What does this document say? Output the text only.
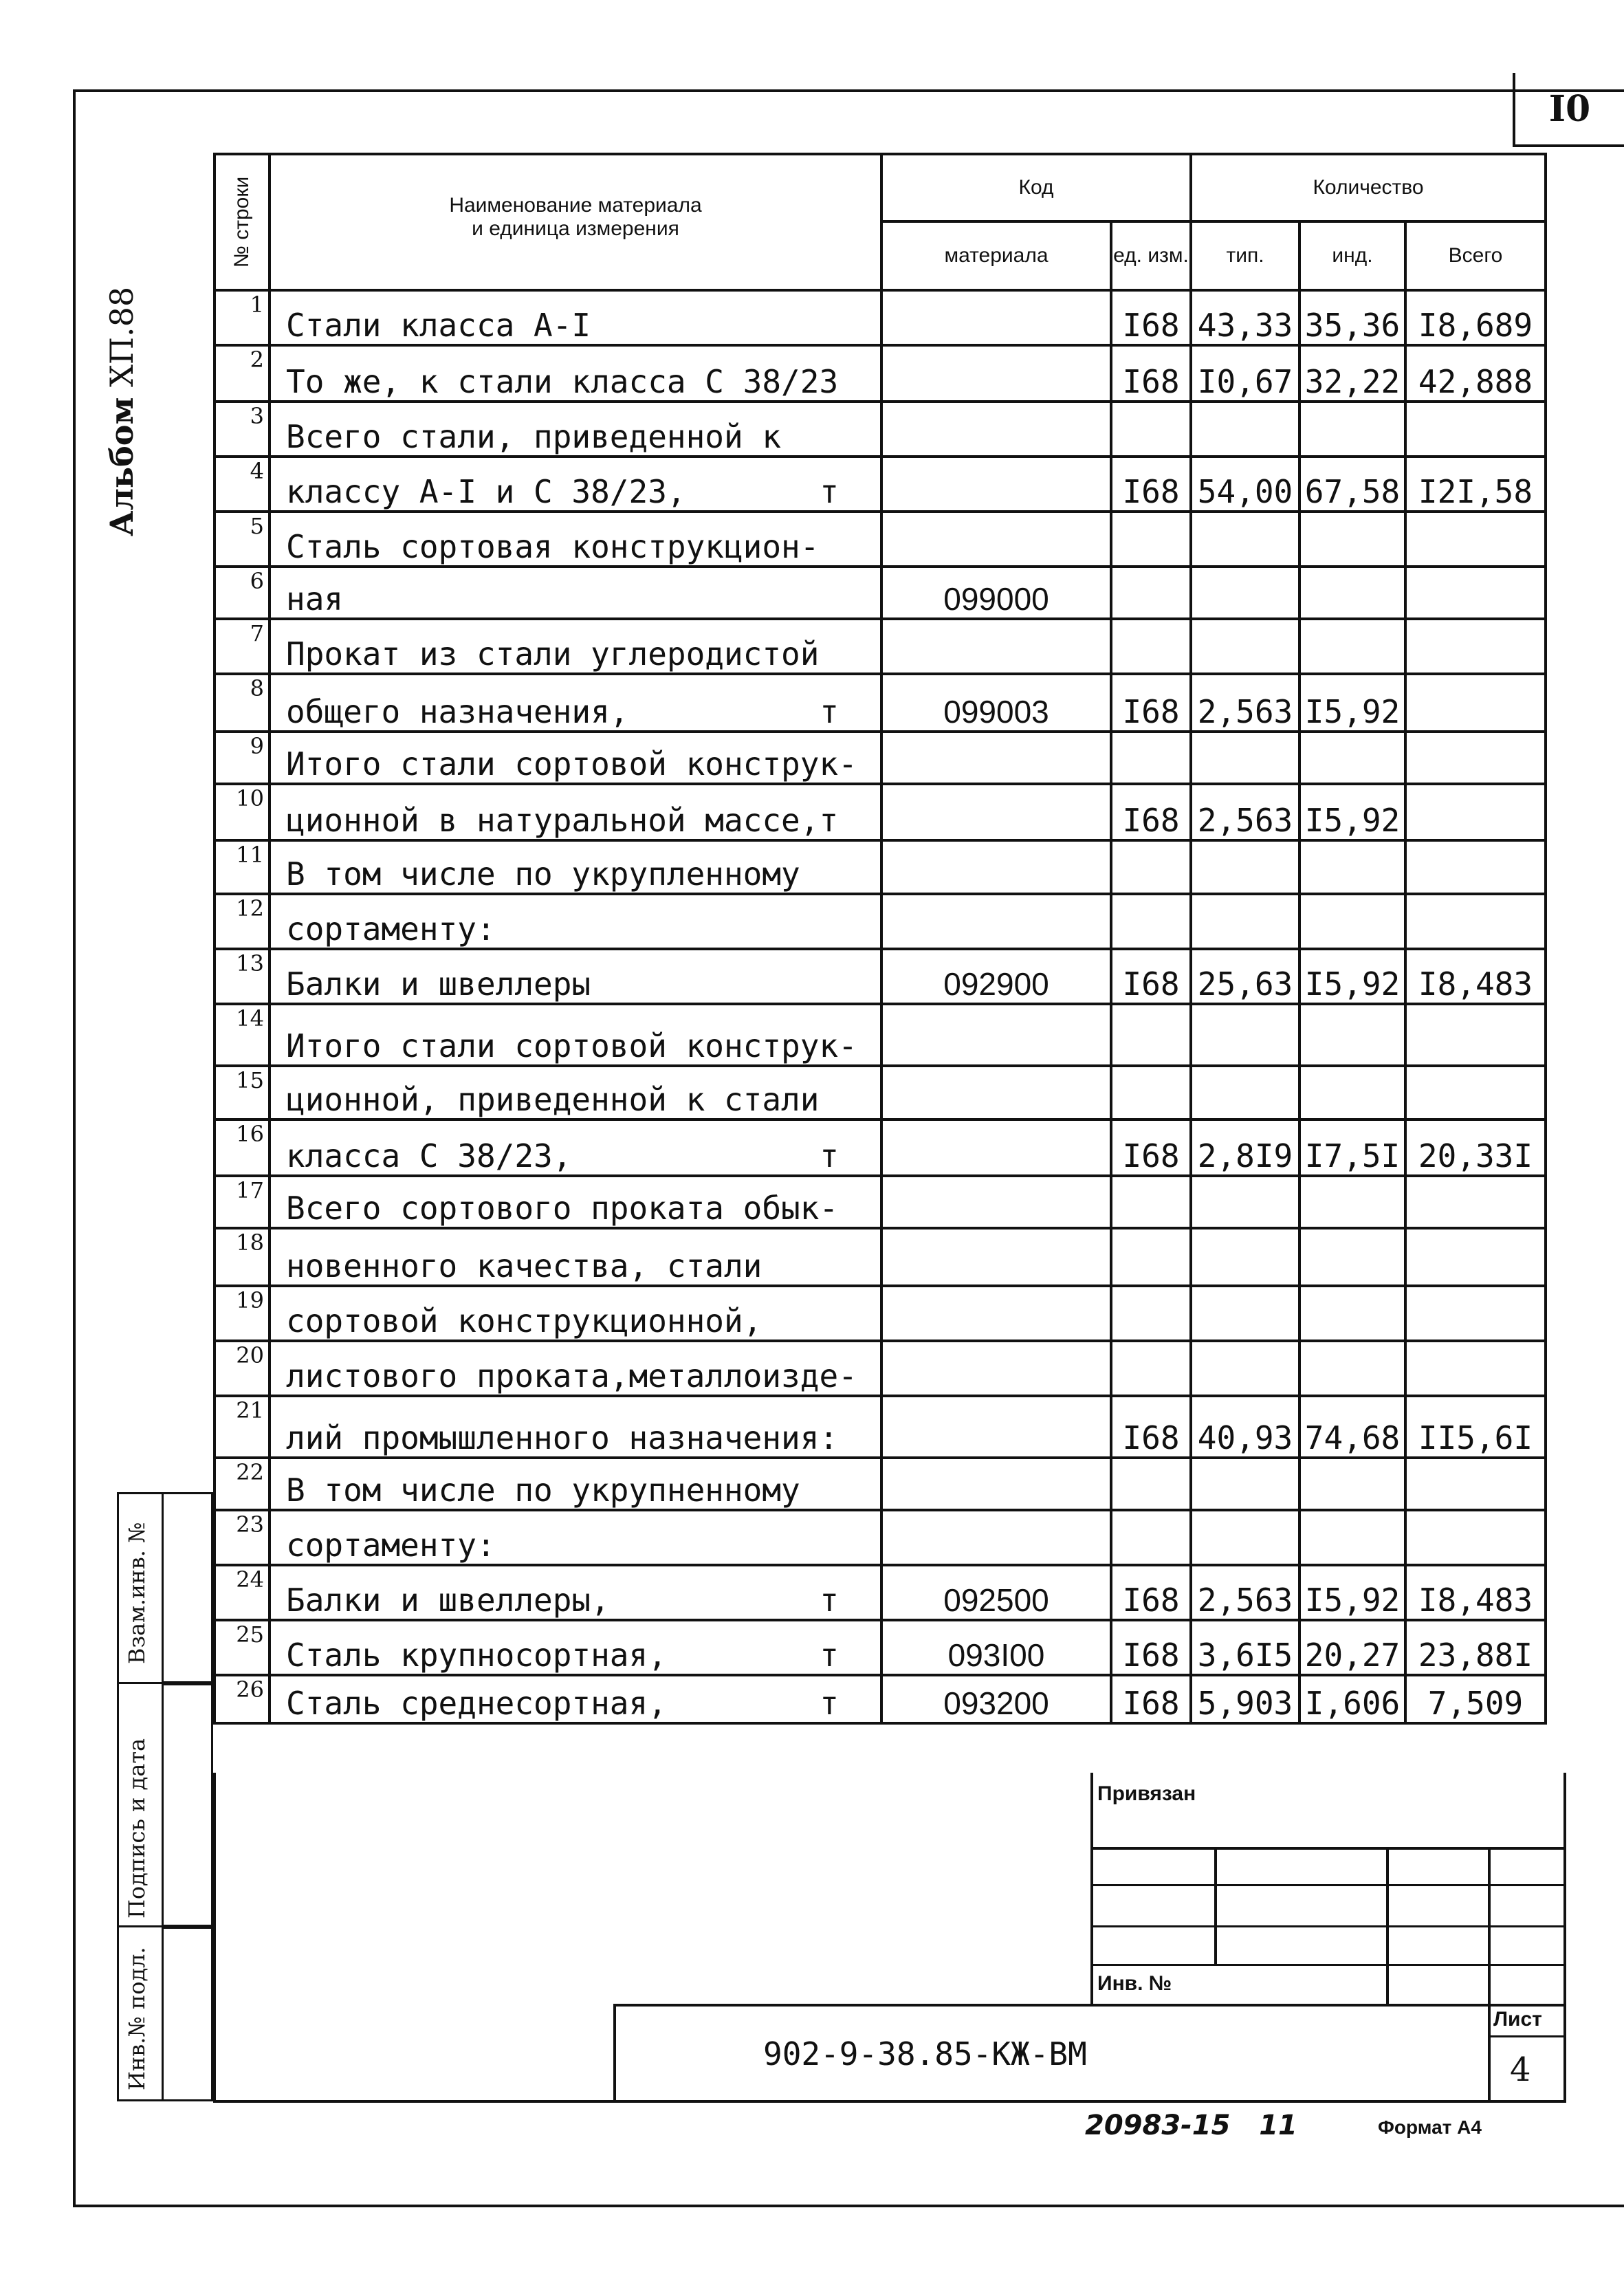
I0
Альбом ХП.88
Взам.инв. №
Подпись и дата
Инв.№ подл.
№ строки	Наименование материала
и единица измерения	Код		Количество		
		материала	ед. изм.	тип.	инд.	Всего
1	Стали класса А-I		I68	43,33	35,36	I8,689
2	То же, к стали класса С 38/23		I68	I0,67	32,22	42,888
3	Всего стали, приведенной к					
4	классу А-I и С 38/23, т		I68	54,00	67,58	I2I,58
5	Сталь сортовая конструкцион-					
6	ная	099000				
7	Прокат из стали углеродистой					
8	общего назначения, т	099003	I68	2,563	I5,92	
9	Итого стали сортовой конструк-					
10	ционной в натуральной массе,т		I68	2,563	I5,92	
11	В том числе по укрупленному					
12	сортаменту:					
13	Балки и швеллеры	092900	I68	25,63	I5,92	I8,483
14	Итого стали сортовой конструк-					
15	ционной, приведенной к стали					
16	класса С 38/23, т		I68	2,8I9	I7,5I	20,33I
17	Всего сортового проката обык-					
18	новенного качества, стали					
19	сортовой конструкционной,					
20	листового проката,металлоизде-					
21	лий промышленного назначения:		I68	40,93	74,68	II5,6I
22	В том числе по укрупненному					
23	сортаменту:					
24	Балки и швеллеры, т	092500	I68	2,563	I5,92	I8,483
25	Сталь крупносортная, т	093I00	I68	3,6I5	20,27	23,88I
26	Сталь среднесортная, т	093200	I68	5,903	I,606	7,509
Привязан
Инв. №
902-9-38.85-КЖ-ВМ
Лист
4
20983-15   11	Формат А4
